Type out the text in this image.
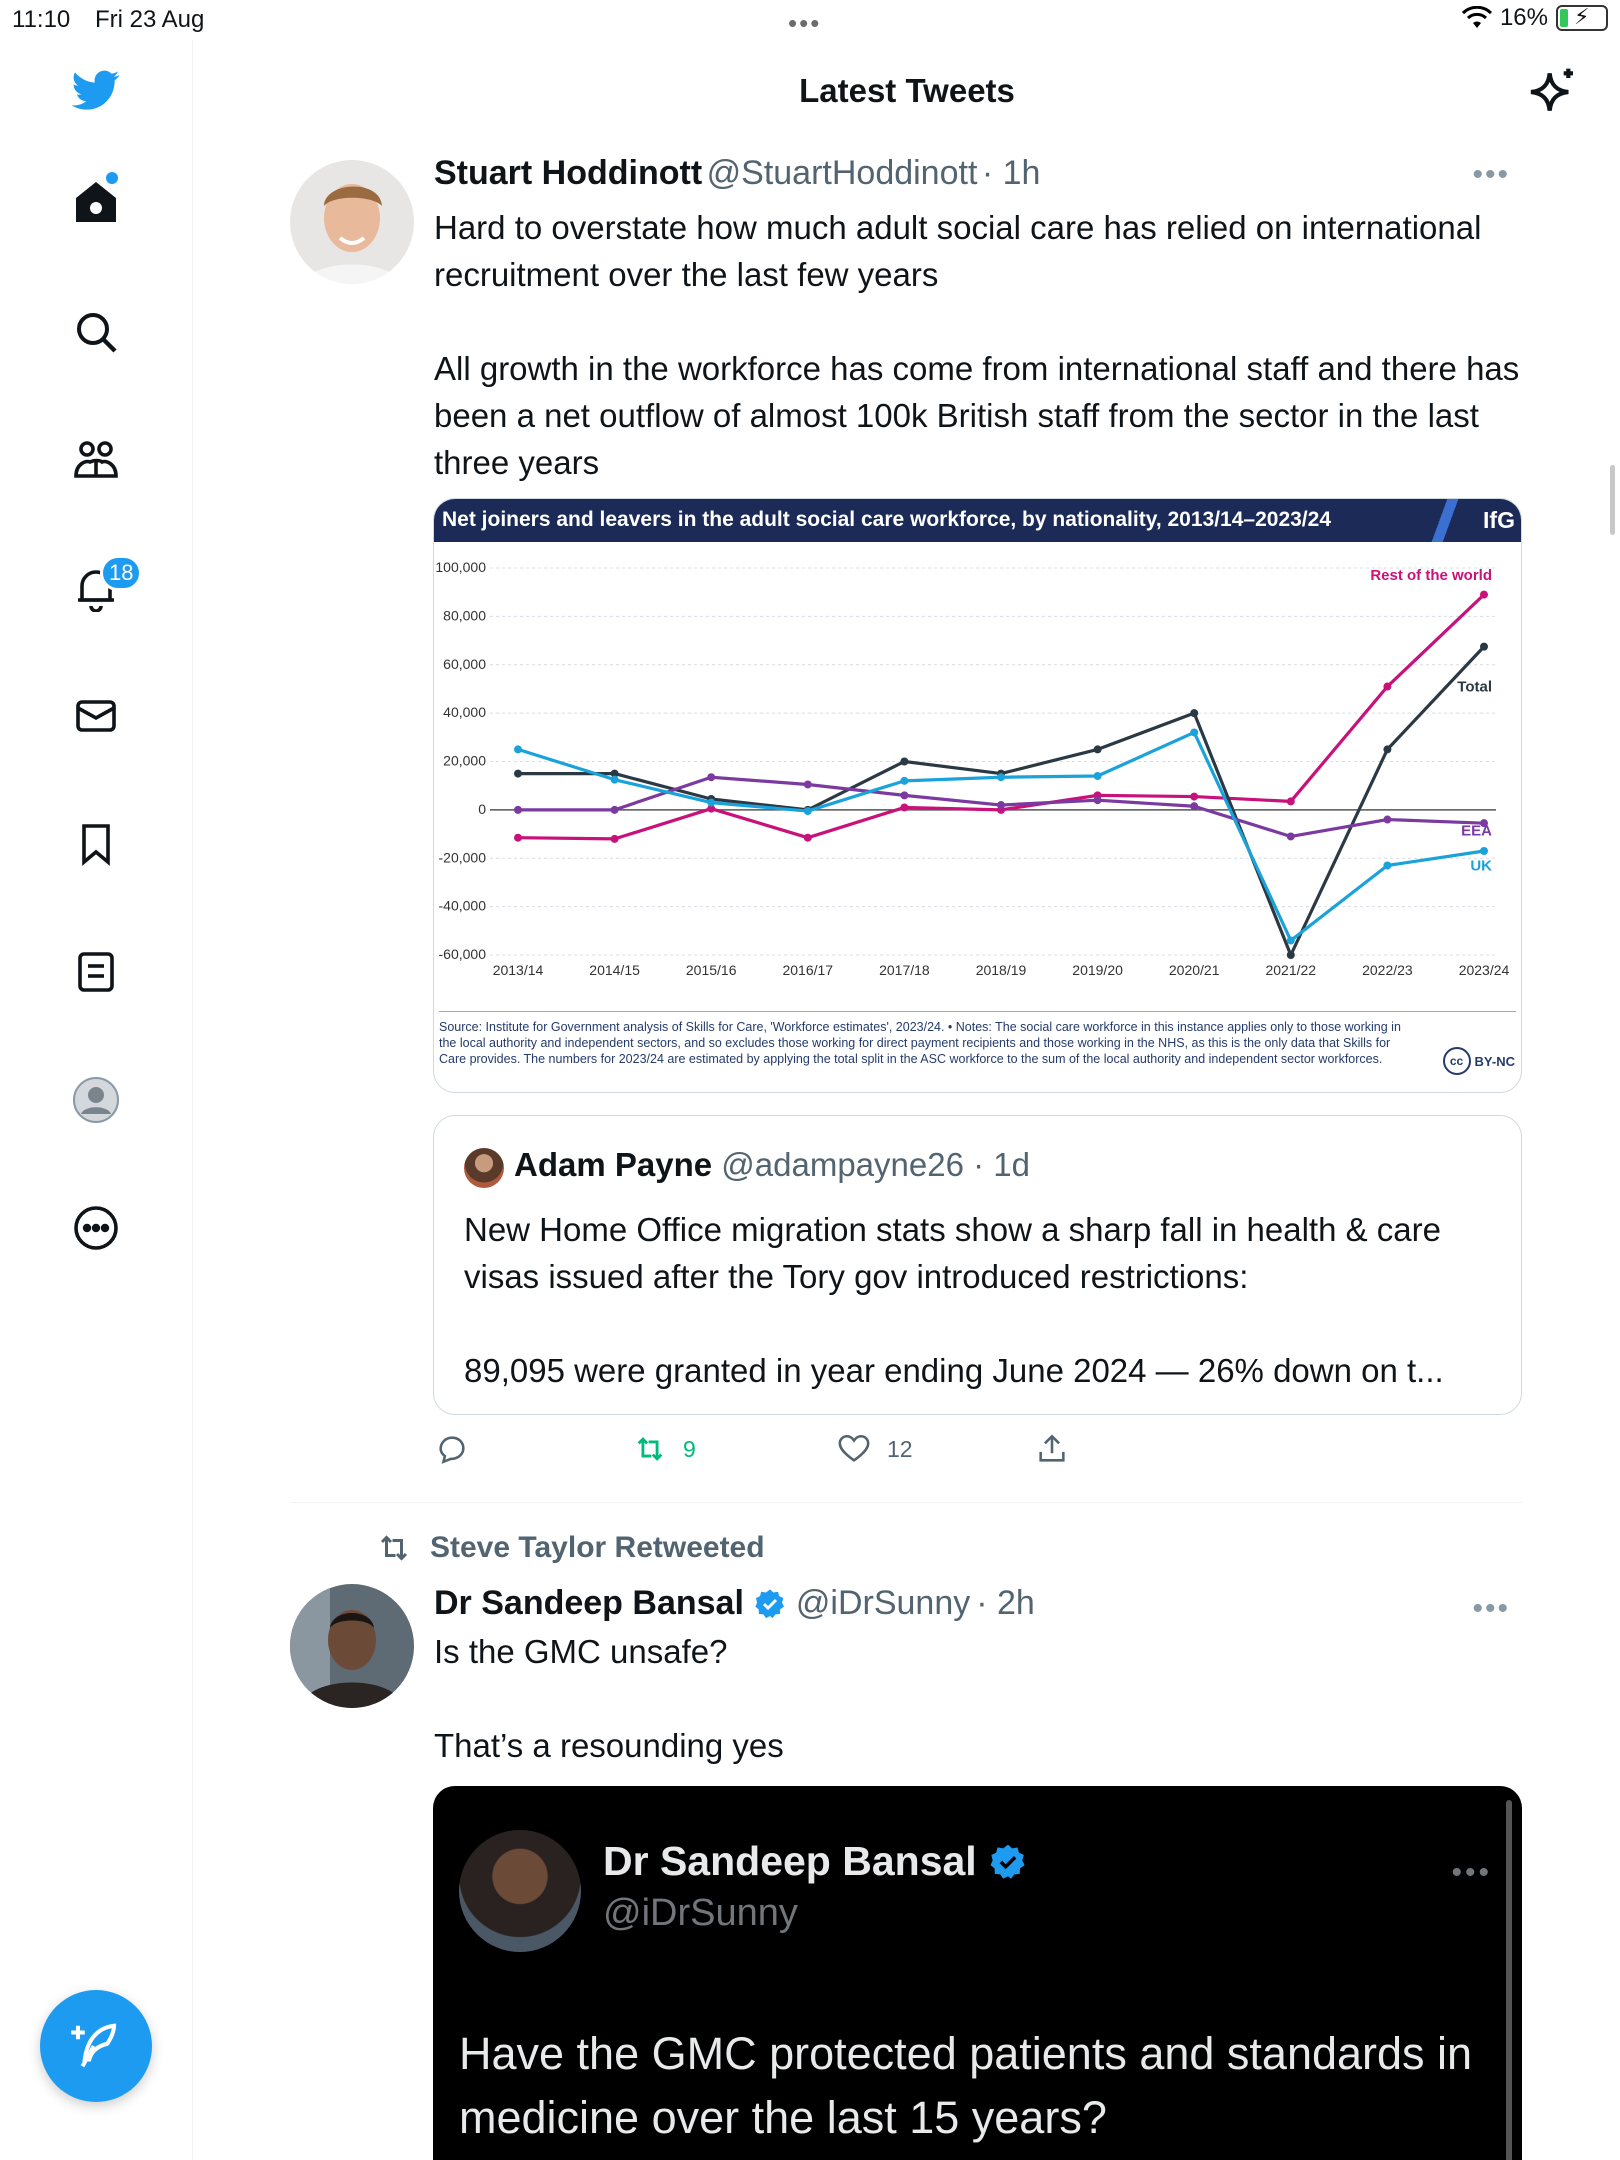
11:10 Fri 23 Aug	•••	16% ⚡
18
Latest Tweets
Stuart Hoddinott @StuartHoddinott · 1h	•••
Hard to overstate how much adult social care has relied on international recruitment over the last few years

All growth in the workforce has come from international staff and there has been a net outflow of almost 100k British staff from the sector in the last three years
Net joiners and leavers in the adult social care workforce, by nationality, 2013/14–2023/24	IfG
100,000
80,000
60,000
40,000
20,000
0
-20,000
-40,000
-60,000
2013/14	2014/15	2015/16	2016/17	2017/18	2018/19	2019/20	2020/21	2021/22	2022/23	2023/24
Rest of the world
Total
EEA
UK
Source: Institute for Government analysis of Skills for Care, 'Workforce estimates', 2023/24. • Notes: The social care workforce in this instance applies only to those working in the local authority and independent sectors, and so excludes those working for direct payment recipients and those working in the NHS, as this is the only data that Skills for Care provides. The numbers for 2023/24 are estimated by applying the total split in the ASC workforce to the sum of the local authority and independent sector workforces.	cc BY-NC
Adam Payne @adampayne26 · 1d
New Home Office migration stats show a sharp fall in health & care visas issued after the Tory gov introduced restrictions:

89,095 were granted in year ending June 2024 — 26% down on t...
9	12
Steve Taylor Retweeted
Dr Sandeep Bansal @iDrSunny · 2h	•••
Is the GMC unsafe?

That’s a resounding yes
Dr Sandeep Bansal
@iDrSunny
•••
Have the GMC protected patients and standards in medicine over the last 15 years?
